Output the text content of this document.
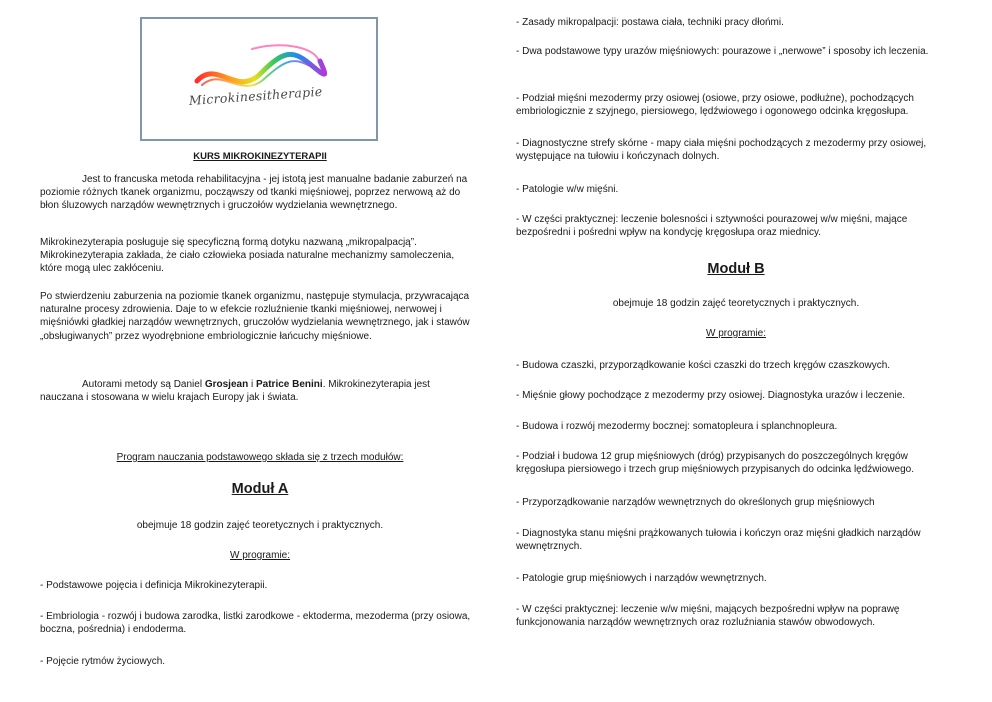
Microkinesitherapie

KURS MIKROKINEZYTERAPII

Jest to francuska metoda rehabilitacyjna - jej istotą jest manualne badanie zaburzeń na poziomie różnych tkanek organizmu, począwszy od tkanki mięśniowej, poprzez nerwową aż do błon śluzowych narządów wewnętrznych i gruczołów wydzielania wewnętrznego.

Mikrokinezyterapia posługuje się specyficzną formą dotyku nazwaną „mikropalpacją”. Mikrokinezyterapia zakłada, że ciało człowieka posiada naturalne mechanizmy samoleczenia, które mogą ulec zakłóceniu.

Po stwierdzeniu zaburzenia na poziomie tkanek organizmu, następuje stymulacja, przywracająca naturalne procesy zdrowienia. Daje to w efekcie rozluźnienie tkanki mięśniowej, nerwowej i mięśniówki gładkiej narządów wewnętrznych, gruczołów wydzielania wewnętrznego, jak i stawów „obsługiwanych” przez wyodrębnione embriologicznie łańcuchy mięśniowe.

Autorami metody są Daniel Grosjean i Patrice Benini. Mikrokinezyterapia jest nauczana i stosowana w wielu krajach Europy jak i świata.

Program nauczania podstawowego składa się z trzech modułów:

Moduł A

obejmuje 18 godzin zajęć teoretycznych i praktycznych.

W programie:

- Podstawowe pojęcia i definicja Mikrokinezyterapii.

- Embriologia - rozwój i budowa zarodka, listki zarodkowe - ektoderma, mezoderma (przy osiowa, boczna, pośrednia) i endoderma.

- Pojęcie rytmów życiowych.

- Zasady mikropalpacji: postawa ciała, techniki pracy dłońmi.

- Dwa podstawowe typy urazów mięśniowych: pourazowe i „nerwowe” i sposoby ich leczenia.

- Podział mięśni mezodermy przy osiowej (osiowe, przy osiowe, podłużne), pochodzących embriologicznie z szyjnego, piersiowego, lędźwiowego i ogonowego odcinka kręgosłupa.

- Diagnostyczne strefy skórne - mapy ciała mięśni pochodzących z mezodermy przy osiowej, występujące na tułowiu i kończynach dolnych.

- Patologie w/w mięśni.

- W części praktycznej: leczenie bolesności i sztywności pourazowej w/w mięśni, mające bezpośredni i pośredni wpływ na kondycję kręgosłupa oraz miednicy.

Moduł B

obejmuje 18 godzin zajęć teoretycznych i praktycznych.

W programie:

- Budowa czaszki, przyporządkowanie kości czaszki do trzech kręgów czaszkowych.

- Mięśnie głowy pochodzące z mezodermy przy osiowej. Diagnostyka urazów i leczenie.

- Budowa i rozwój mezodermy bocznej: somatopleura i splanchnopleura.

- Podział i budowa 12 grup mięśniowych (dróg) przypisanych do poszczególnych kręgów kręgosłupa piersiowego i trzech grup mięśniowych przypisanych do odcinka lędźwiowego.

- Przyporządkowanie narządów wewnętrznych do określonych grup mięśniowych

- Diagnostyka stanu mięśni prążkowanych tułowia i kończyn oraz mięśni gładkich narządów wewnętrznych.

- Patologie grup mięśniowych i narządów wewnętrznych.

- W części praktycznej: leczenie w/w mięśni, mających bezpośredni wpływ na poprawę funkcjonowania narządów wewnętrznych oraz rozluźniania stawów obwodowych.
